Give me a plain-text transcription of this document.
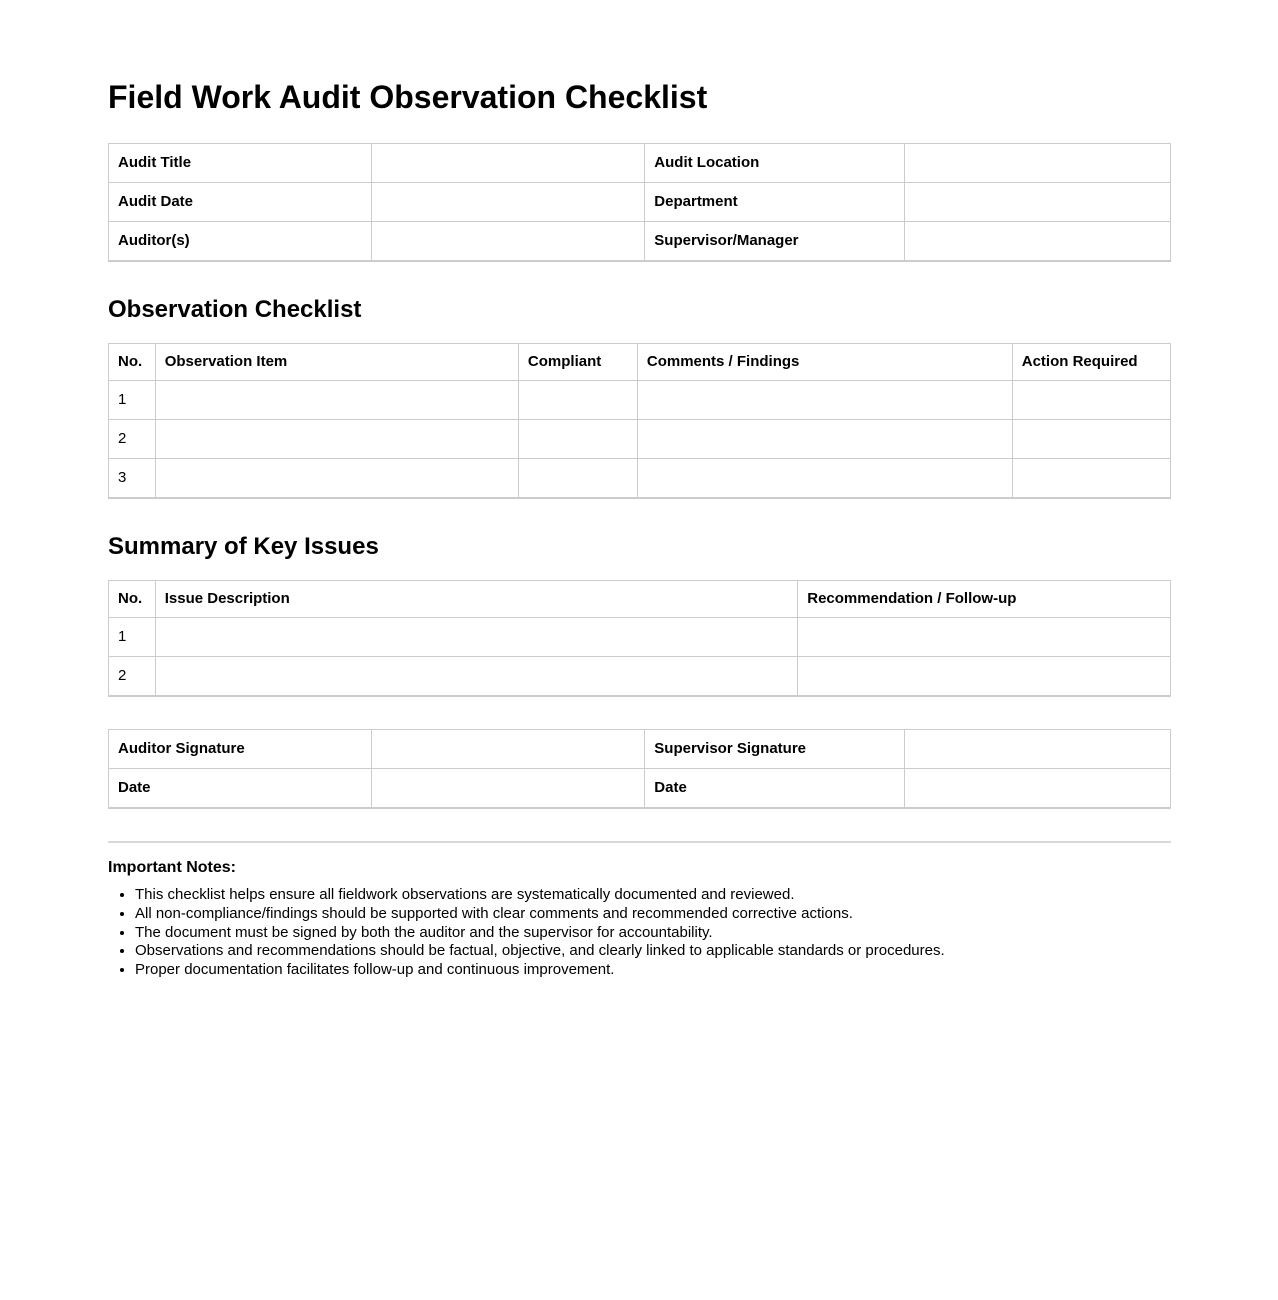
Field Work Audit Observation Checklist
Audit Title		Audit Location	
Audit Date		Department	
Auditor(s)		Supervisor/Manager	
Observation Checklist
No.	Observation Item	Compliant	Comments / Findings	Action Required
1				
2				
3				
Summary of Key Issues
No.	Issue Description	Recommendation / Follow-up
1		
2		
Auditor Signature		Supervisor Signature	
Date		Date	
Important Notes:
• This checklist helps ensure all fieldwork observations are systematically documented and reviewed.
• All non-compliance/findings should be supported with clear comments and recommended corrective actions.
• The document must be signed by both the auditor and the supervisor for accountability.
• Observations and recommendations should be factual, objective, and clearly linked to applicable standards or procedures.
• Proper documentation facilitates follow-up and continuous improvement.
